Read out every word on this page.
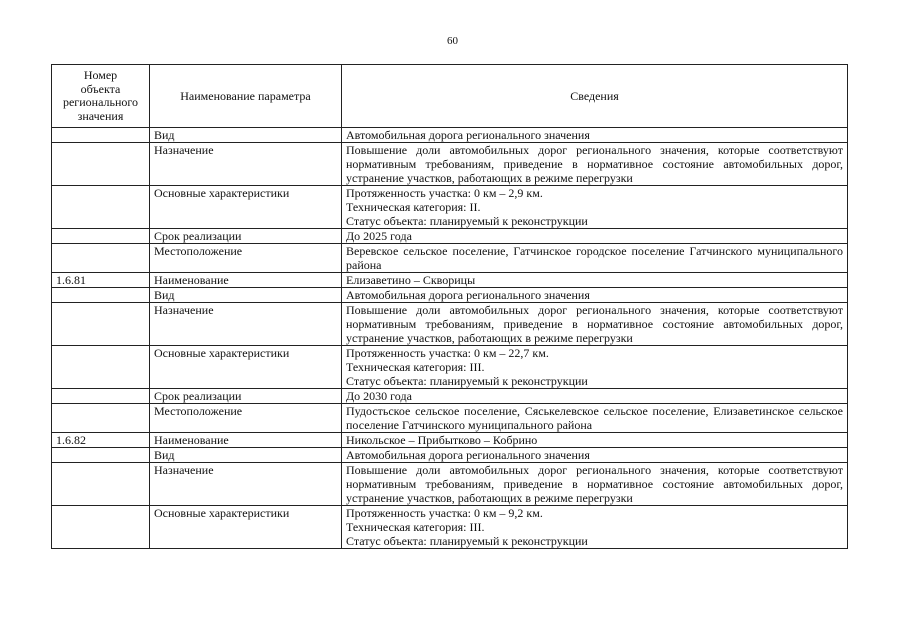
60
Номер
объекта
регионального
значения	Наименование параметра	Сведения
	Вид	Автомобильная дорога регионального значения

	Назначение	Повышение доли автомобильных дорог регионального значения, которые соответствуют нормативным требованиям, приведение в нормативное состояние автомобильных дорог, устранение участков, работающих в режиме перегрузки

	Основные характеристики	Протяженность участка: 0 км – 2,9 км.
Техническая категория: II.
Статус объекта: планируемый к реконструкции

	Срок реализации	До 2025 года

	Местоположение	Веревское сельское поселение, Гатчинское городское поселение Гатчинского муниципального района

1.6.81	Наименование	Елизаветино – Скворицы

	Вид	Автомобильная дорога регионального значения

	Назначение	Повышение доли автомобильных дорог регионального значения, которые соответствуют нормативным требованиям, приведение в нормативное состояние автомобильных дорог, устранение участков, работающих в режиме перегрузки

	Основные характеристики	Протяженность участка: 0 км – 22,7 км.
Техническая категория: III.
Статус объекта: планируемый к реконструкции

	Срок реализации	До 2030 года

	Местоположение	Пудостьское сельское поселение, Сяськелевское сельское поселение, Елизаветинское сельское поселение Гатчинского муниципального района

1.6.82	Наименование	Никольское – Прибытково – Кобрино

	Вид	Автомобильная дорога регионального значения

	Назначение	Повышение доли автомобильных дорог регионального значения, которые соответствуют нормативным требованиям, приведение в нормативное состояние автомобильных дорог, устранение участков, работающих в режиме перегрузки

	Основные характеристики	Протяженность участка: 0 км – 9,2 км.
Техническая категория: III.
Статус объекта: планируемый к реконструкции
